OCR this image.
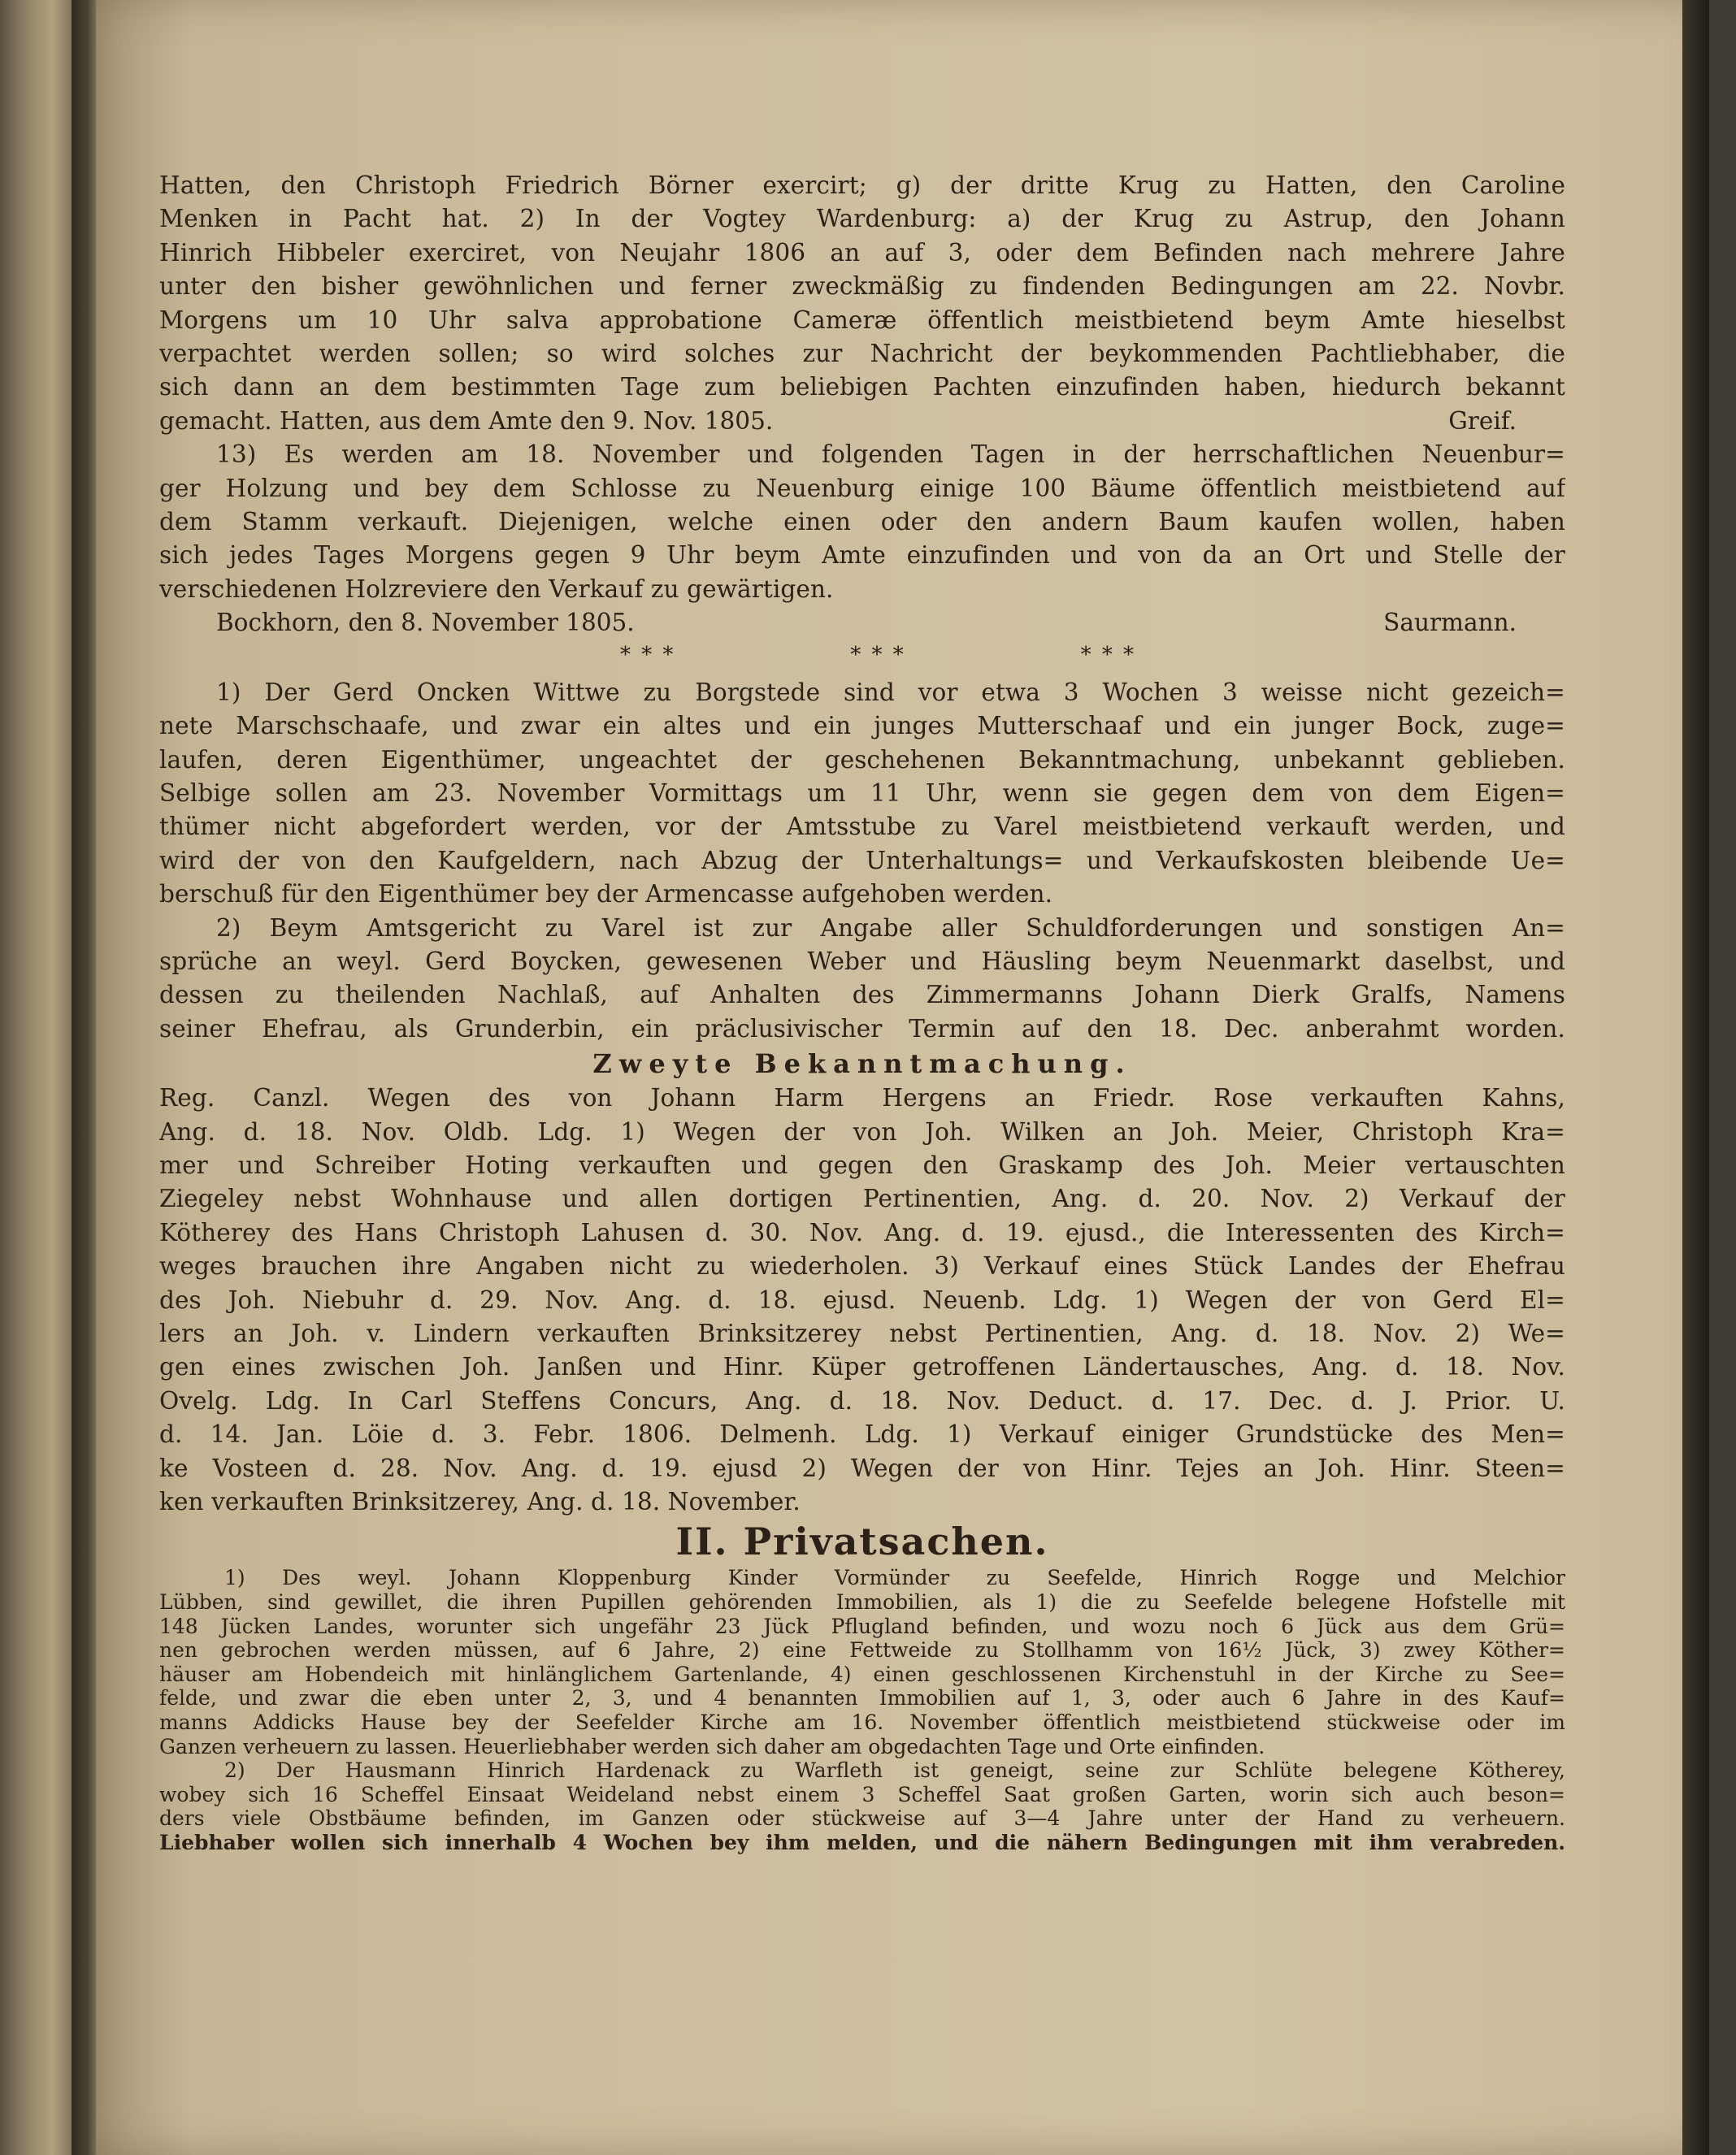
Hatten, den Christoph Friedrich Börner exercirt; g) der dritte Krug zu Hatten, den Caroline
Menken in Pacht hat. 2) In der Vogtey Wardenburg: a) der Krug zu Astrup, den Johann
Hinrich Hibbeler exerciret, von Neujahr 1806 an auf 3, oder dem Befinden nach mehrere Jahre
unter den bisher gewöhnlichen und ferner zweckmäßig zu findenden Bedingungen am 22. Novbr.
Morgens um 10 Uhr salva approbatione Cameræ öffentlich meistbietend beym Amte hieselbst
verpachtet werden sollen; so wird solches zur Nachricht der beykommenden Pachtliebhaber, die
sich dann an dem bestimmten Tage zum beliebigen Pachten einzufinden haben, hiedurch bekannt
gemacht. Hatten, aus dem Amte den 9. Nov. 1805.	Greif.
13) Es werden am 18. November und folgenden Tagen in der herrschaftlichen Neuenbur=
ger Holzung und bey dem Schlosse zu Neuenburg einige 100 Bäume öffentlich meistbietend auf
dem Stamm verkauft. Diejenigen, welche einen oder den andern Baum kaufen wollen, haben
sich jedes Tages Morgens gegen 9 Uhr beym Amte einzufinden und von da an Ort und Stelle der
verschiedenen Holzreviere den Verkauf zu gewärtigen.
Bockhorn, den 8. November 1805.	Saurmann.
* * *	* * *	* * *
1) Der Gerd Oncken Wittwe zu Borgstede sind vor etwa 3 Wochen 3 weisse nicht gezeich=
nete Marschschaafe, und zwar ein altes und ein junges Mutterschaaf und ein junger Bock, zuge=
laufen, deren Eigenthümer, ungeachtet der geschehenen Bekanntmachung, unbekannt geblieben.
Selbige sollen am 23. November Vormittags um 11 Uhr, wenn sie gegen dem von dem Eigen=
thümer nicht abgefordert werden, vor der Amtsstube zu Varel meistbietend verkauft werden, und
wird der von den Kaufgeldern, nach Abzug der Unterhaltungs= und Verkaufskosten bleibende Ue=
berschuß für den Eigenthümer bey der Armencasse aufgehoben werden.
2) Beym Amtsgericht zu Varel ist zur Angabe aller Schuldforderungen und sonstigen An=
sprüche an weyl. Gerd Boycken, gewesenen Weber und Häusling beym Neuenmarkt daselbst, und
dessen zu theilenden Nachlaß, auf Anhalten des Zimmermanns Johann Dierk Gralfs, Namens
seiner Ehefrau, als Grunderbin, ein präclusivischer Termin auf den 18. Dec. anberahmt worden.
Zweyte Bekanntmachung.
Reg. Canzl. Wegen des von Johann Harm Hergens an Friedr. Rose verkauften Kahns,
Ang. d. 18. Nov. Oldb. Ldg. 1) Wegen der von Joh. Wilken an Joh. Meier, Christoph Kra=
mer und Schreiber Hoting verkauften und gegen den Graskamp des Joh. Meier vertauschten
Ziegeley nebst Wohnhause und allen dortigen Pertinentien, Ang. d. 20. Nov. 2) Verkauf der
Kötherey des Hans Christoph Lahusen d. 30. Nov. Ang. d. 19. ejusd., die Interessenten des Kirch=
weges brauchen ihre Angaben nicht zu wiederholen. 3) Verkauf eines Stück Landes der Ehefrau
des Joh. Niebuhr d. 29. Nov. Ang. d. 18. ejusd. Neuenb. Ldg. 1) Wegen der von Gerd El=
lers an Joh. v. Lindern verkauften Brinksitzerey nebst Pertinentien, Ang. d. 18. Nov. 2) We=
gen eines zwischen Joh. Janßen und Hinr. Küper getroffenen Ländertausches, Ang. d. 18. Nov.
Ovelg. Ldg. In Carl Steffens Concurs, Ang. d. 18. Nov. Deduct. d. 17. Dec. d. J. Prior. U.
d. 14. Jan. Löie d. 3. Febr. 1806. Delmenh. Ldg. 1) Verkauf einiger Grundstücke des Men=
ke Vosteen d. 28. Nov. Ang. d. 19. ejusd 2) Wegen der von Hinr. Tejes an Joh. Hinr. Steen=
ken verkauften Brinksitzerey, Ang. d. 18. November.
II. Privatsachen.
1) Des weyl. Johann Kloppenburg Kinder Vormünder zu Seefelde, Hinrich Rogge und Melchior
Lübben, sind gewillet, die ihren Pupillen gehörenden Immobilien, als 1) die zu Seefelde belegene Hofstelle mit
148 Jücken Landes, worunter sich ungefähr 23 Jück Pflugland befinden, und wozu noch 6 Jück aus dem Grü=
nen gebrochen werden müssen, auf 6 Jahre, 2) eine Fettweide zu Stollhamm von 16½ Jück, 3) zwey Köther=
häuser am Hobendeich mit hinlänglichem Gartenlande, 4) einen geschlossenen Kirchenstuhl in der Kirche zu See=
felde, und zwar die eben unter 2, 3, und 4 benannten Immobilien auf 1, 3, oder auch 6 Jahre in des Kauf=
manns Addicks Hause bey der Seefelder Kirche am 16. November öffentlich meistbietend stückweise oder im
Ganzen verheuern zu lassen. Heuerliebhaber werden sich daher am obgedachten Tage und Orte einfinden.
2) Der Hausmann Hinrich Hardenack zu Warfleth ist geneigt, seine zur Schlüte belegene Kötherey,
wobey sich 16 Scheffel Einsaat Weideland nebst einem 3 Scheffel Saat großen Garten, worin sich auch beson=
ders viele Obstbäume befinden, im Ganzen oder stückweise auf 3—4 Jahre unter der Hand zu verheuern.
Liebhaber wollen sich innerhalb 4 Wochen bey ihm melden, und die nähern Bedingungen mit ihm verabreden.
